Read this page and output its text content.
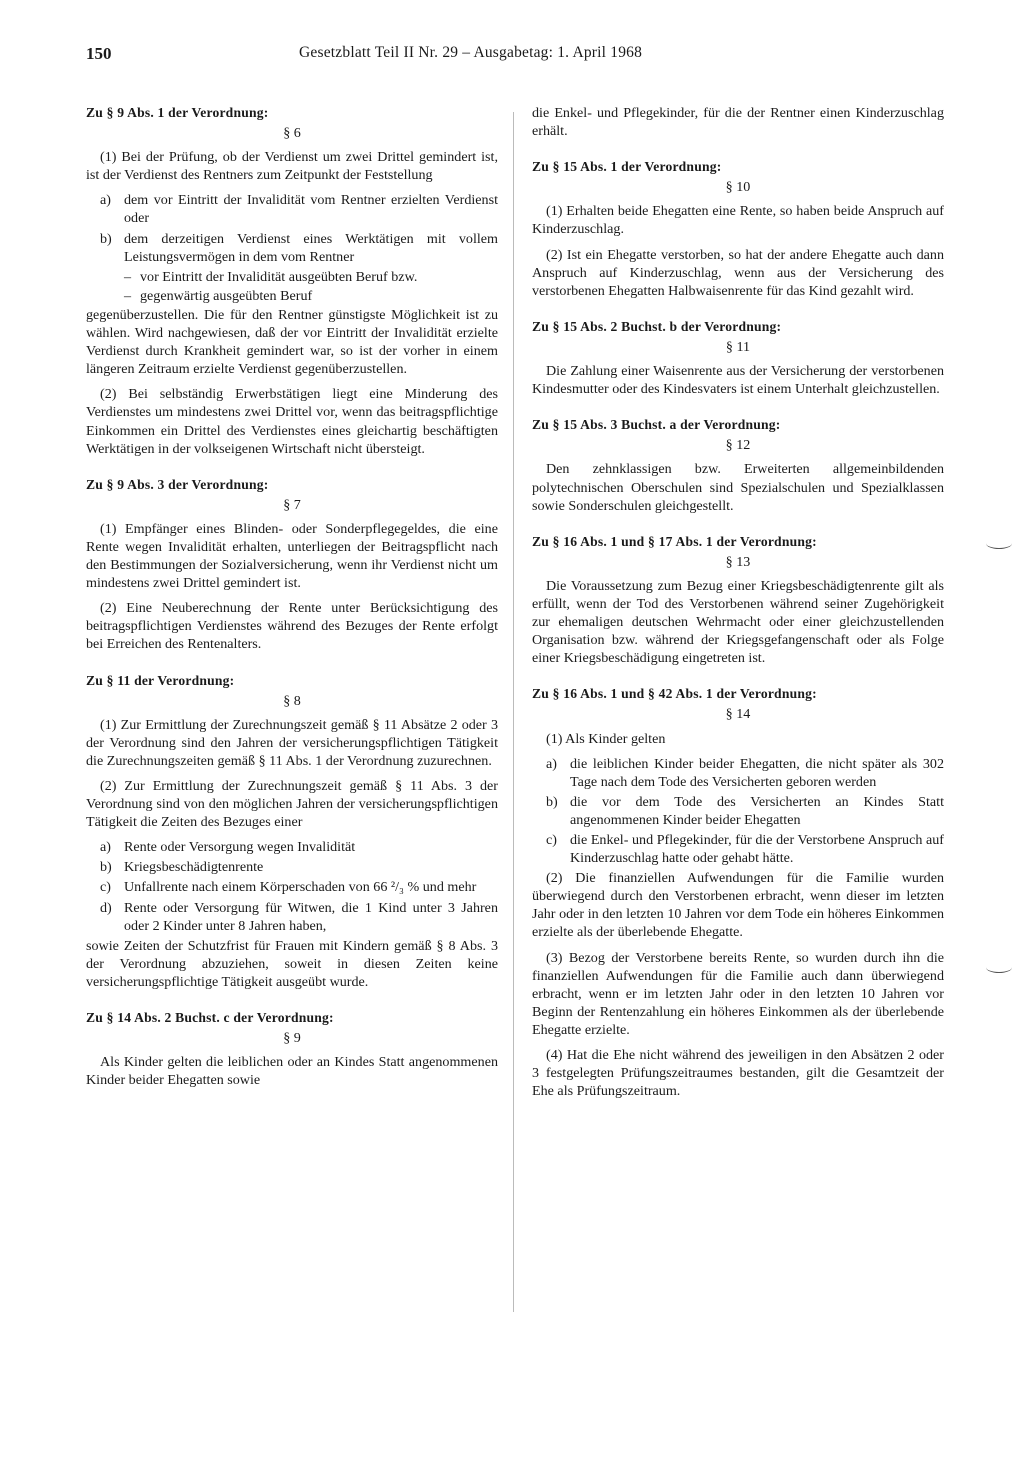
150	Gesetzblatt Teil II Nr. 29 – Ausgabetag: 1. April 1968
Zu § 9 Abs. 1 der Verordnung:
§ 6

(1) Bei der Prüfung, ob der Verdienst um zwei Drittel gemindert ist, ist der Verdienst des Rentners zum Zeitpunkt der Feststellung

a) dem vor Eintritt der Invalidität vom Rentner erzielten Verdienst oder
b) dem derzeitigen Verdienst eines Werktätigen mit vollem Leistungsvermögen in dem vom Rentner
– vor Eintritt der Invalidität ausgeübten Beruf bzw.
– gegenwärtig ausgeübten Beruf

gegenüberzustellen. Die für den Rentner günstigste Möglichkeit ist zu wählen. Wird nachgewiesen, daß der vor Eintritt der Invalidität erzielte Verdienst durch Krankheit gemindert war, so ist der vorher in einem längeren Zeitraum erzielte Verdienst gegenüberzustellen.

(2) Bei selbständig Erwerbstätigen liegt eine Minderung des Verdienstes um mindestens zwei Drittel vor, wenn das beitragspflichtige Einkommen ein Drittel des Verdienstes eines gleichartig beschäftigten Werktätigen in der volkseigenen Wirtschaft nicht übersteigt.

Zu § 9 Abs. 3 der Verordnung:
§ 7

(1) Empfänger eines Blinden- oder Sonderpflegegeldes, die eine Rente wegen Invalidität erhalten, unterliegen der Beitragspflicht nach den Bestimmungen der Sozialversicherung, wenn ihr Verdienst nicht um mindestens zwei Drittel gemindert ist.

(2) Eine Neuberechnung der Rente unter Berücksichtigung des beitragspflichtigen Verdienstes während des Bezuges der Rente erfolgt bei Erreichen des Rentenalters.

Zu § 11 der Verordnung:
§ 8

(1) Zur Ermittlung der Zurechnungszeit gemäß § 11 Absätze 2 oder 3 der Verordnung sind den Jahren der versicherungspflichtigen Tätigkeit die Zurechnungszeiten gemäß § 11 Abs. 1 der Verordnung zuzurechnen.

(2) Zur Ermittlung der Zurechnungszeit gemäß § 11 Abs. 3 der Verordnung sind von den möglichen Jahren der versicherungspflichtigen Tätigkeit die Zeiten des Bezuges einer

a) Rente oder Versorgung wegen Invalidität
b) Kriegsbeschädigtenrente
c) Unfallrente nach einem Körperschaden von 66 ²/₃ % und mehr
d) Rente oder Versorgung für Witwen, die 1 Kind unter 3 Jahren oder 2 Kinder unter 8 Jahren haben,

sowie Zeiten der Schutzfrist für Frauen mit Kindern gemäß § 8 Abs. 3 der Verordnung abzuziehen, soweit in diesen Zeiten keine versicherungspflichtige Tätigkeit ausgeübt wurde.

Zu § 14 Abs. 2 Buchst. c der Verordnung:
§ 9

Als Kinder gelten die leiblichen oder an Kindes Statt angenommenen Kinder beider Ehegatten sowie

die Enkel- und Pflegekinder, für die der Rentner einen Kinderzuschlag erhält.

Zu § 15 Abs. 1 der Verordnung:
§ 10

(1) Erhalten beide Ehegatten eine Rente, so haben beide Anspruch auf Kinderzuschlag.

(2) Ist ein Ehegatte verstorben, so hat der andere Ehegatte auch dann Anspruch auf Kinderzuschlag, wenn aus der Versicherung des verstorbenen Ehegatten Halbwaisenrente für das Kind gezahlt wird.

Zu § 15 Abs. 2 Buchst. b der Verordnung:
§ 11

Die Zahlung einer Waisenrente aus der Versicherung der verstorbenen Kindesmutter oder des Kindesvaters ist einem Unterhalt gleichzustellen.

Zu § 15 Abs. 3 Buchst. a der Verordnung:
§ 12

Den zehnklassigen bzw. Erweiterten allgemeinbildenden polytechnischen Oberschulen sind Spezialschulen und Spezialklassen sowie Sonderschulen gleichgestellt.

Zu § 16 Abs. 1 und § 17 Abs. 1 der Verordnung:
§ 13

Die Voraussetzung zum Bezug einer Kriegsbeschädigtenrente gilt als erfüllt, wenn der Tod des Verstorbenen während seiner Zugehörigkeit zur ehemaligen deutschen Wehrmacht oder einer gleichzustellenden Organisation bzw. während der Kriegsgefangenschaft oder als Folge einer Kriegsbeschädigung eingetreten ist.

Zu § 16 Abs. 1 und § 42 Abs. 1 der Verordnung:
§ 14

(1) Als Kinder gelten

a) die leiblichen Kinder beider Ehegatten, die nicht später als 302 Tage nach dem Tode des Versicherten geboren werden
b) die vor dem Tode des Versicherten an Kindes Statt angenommenen Kinder beider Ehegatten
c) die Enkel- und Pflegekinder, für die der Verstorbene Anspruch auf Kinderzuschlag hatte oder gehabt hätte.

(2) Die finanziellen Aufwendungen für die Familie wurden überwiegend durch den Verstorbenen erbracht, wenn dieser im letzten Jahr oder in den letzten 10 Jahren vor dem Tode ein höheres Einkommen erzielte als der überlebende Ehegatte.

(3) Bezog der Verstorbene bereits Rente, so wurden durch ihn die finanziellen Aufwendungen für die Familie auch dann überwiegend erbracht, wenn er im letzten Jahr oder in den letzten 10 Jahren vor Beginn der Rentenzahlung ein höheres Einkommen als der überlebende Ehegatte erzielte.

(4) Hat die Ehe nicht während des jeweiligen in den Absätzen 2 oder 3 festgelegten Prüfungszeitraumes bestanden, gilt die Gesamtzeit der Ehe als Prüfungszeitraum.
